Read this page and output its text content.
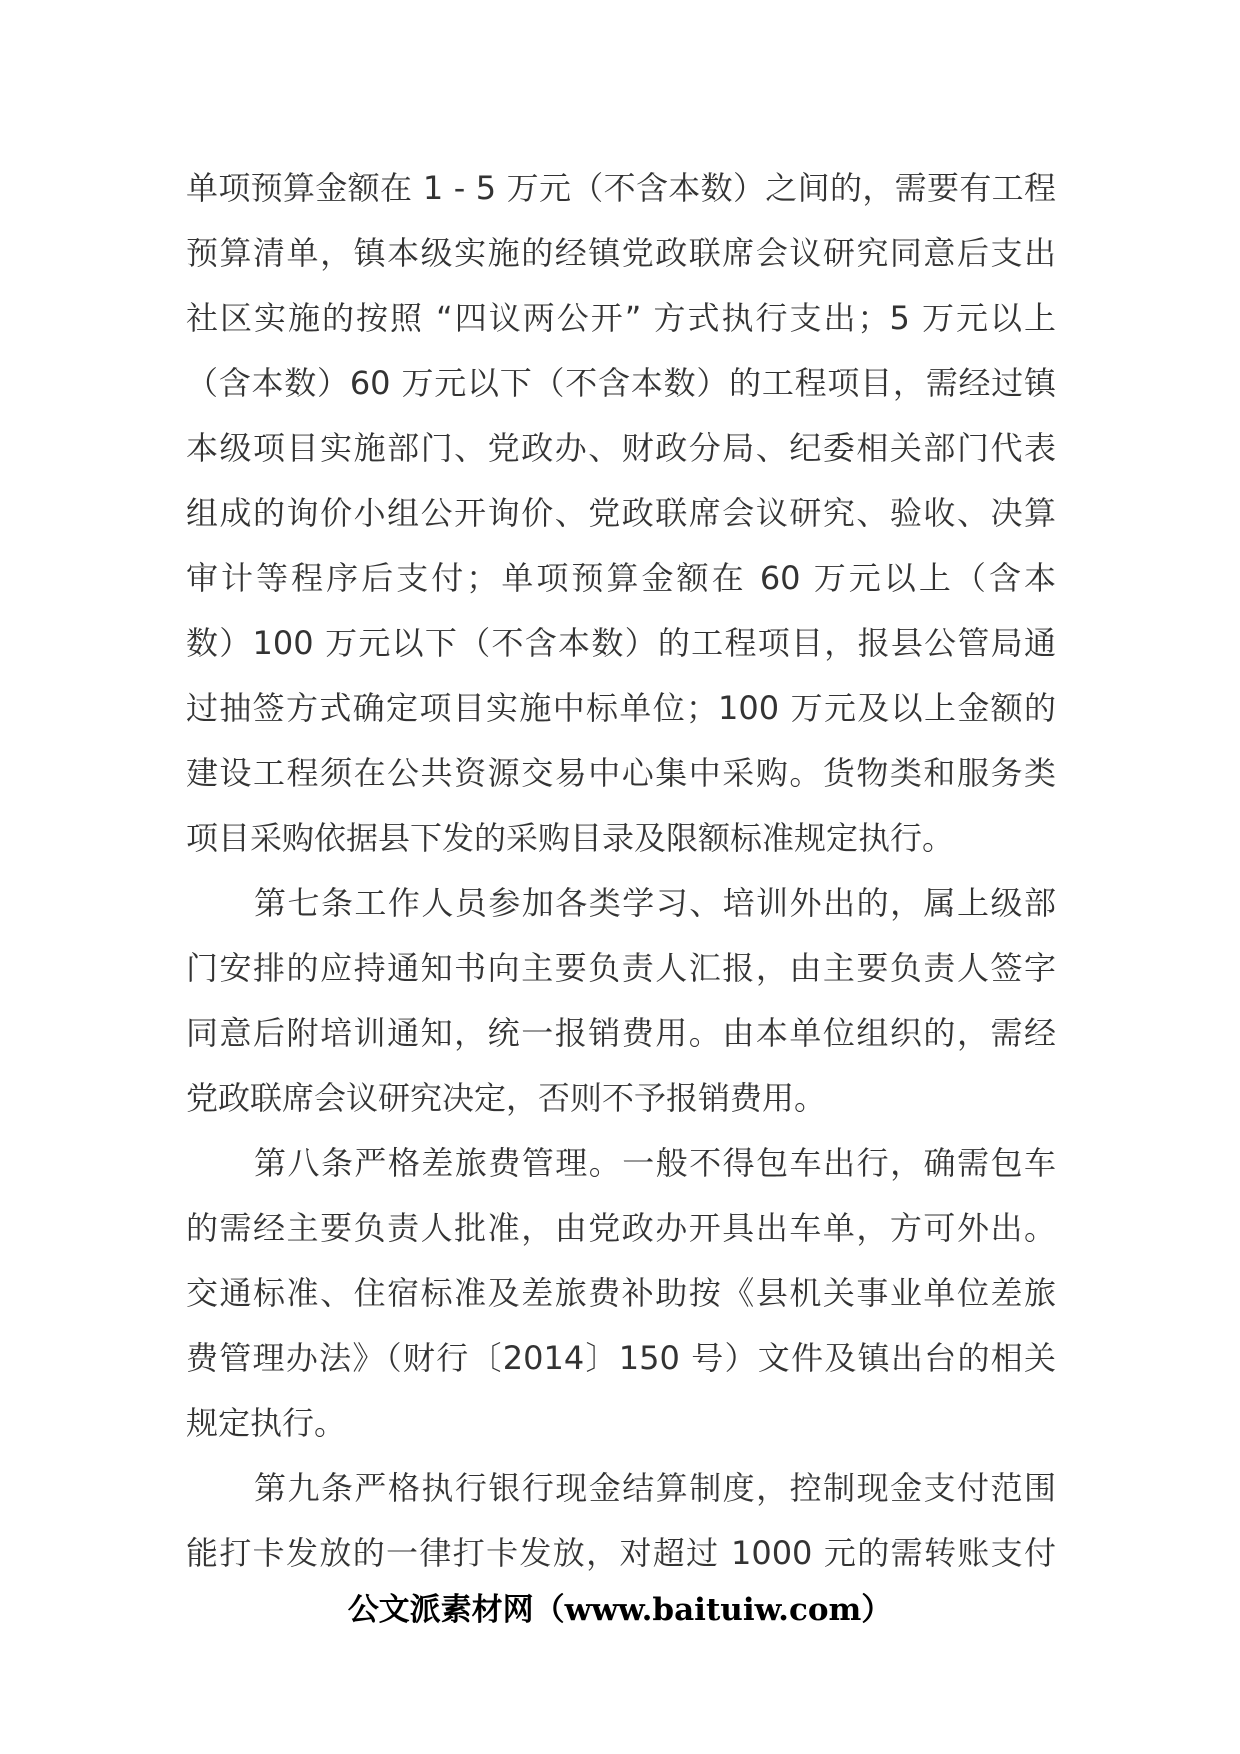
单项预算金额在 1 - 5 万元（不含本数）之间的，需要有工程
预算清单，镇本级实施的经镇党政联席会议研究同意后支出
社区实施的按照 “四议两公开” 方式执行支出；5 万元以上
（含本数）60 万元以下（不含本数）的工程项目，需经过镇
本级项目实施部门、党政办、财政分局、纪委相关部门代表
组成的询价小组公开询价、党政联席会议研究、验收、决算
审计等程序后支付；单项预算金额在 60 万元以上（含本
数）100 万元以下（不含本数）的工程项目，报县公管局通
过抽签方式确定项目实施中标单位；100 万元及以上金额的
建设工程须在公共资源交易中心集中采购。货物类和服务类
项目采购依据县下发的采购目录及限额标准规定执行。
第七条工作人员参加各类学习、培训外出的，属上级部
门安排的应持通知书向主要负责人汇报，由主要负责人签字
同意后附培训通知，统一报销费用。由本单位组织的，需经
党政联席会议研究决定，否则不予报销费用。
第八条严格差旅费管理。一般不得包车出行，确需包车
的需经主要负责人批准，由党政办开具出车单，方可外出。
交通标准、住宿标准及差旅费补助按《县机关事业单位差旅
费管理办法》（财行〔2014〕150 号）文件及镇出台的相关
规定执行。
第九条严格执行银行现金结算制度，控制现金支付范围
能打卡发放的一律打卡发放，对超过 1000 元的需转账支付
公文派素材网（www.baituiw.com）
